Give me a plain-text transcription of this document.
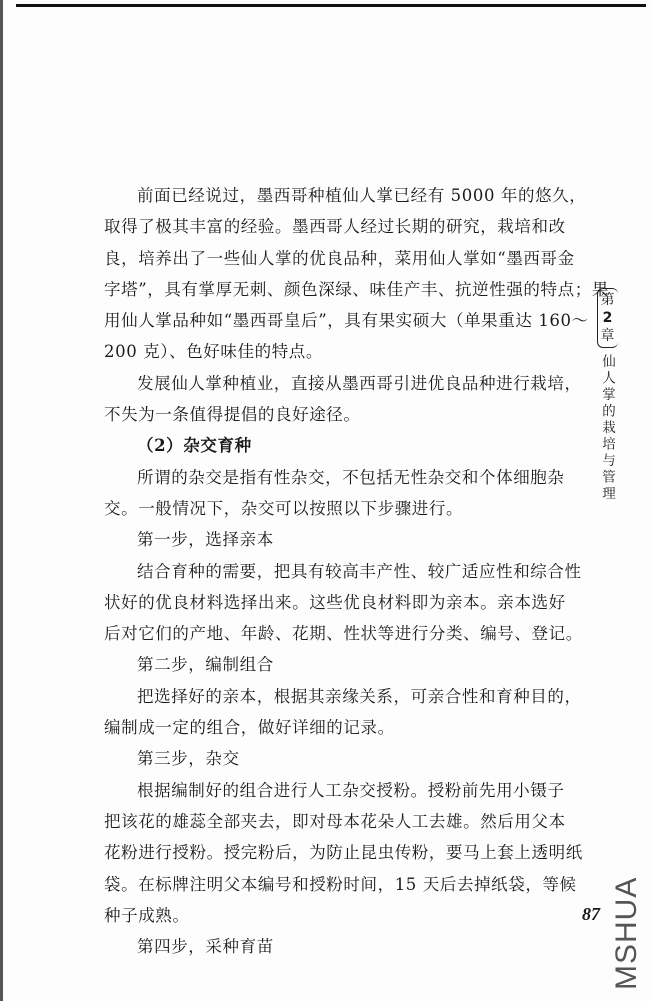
前面已经说过，墨西哥种植仙人掌已经有 5000 年的悠久，
取得了极其丰富的经验。墨西哥人经过长期的研究，栽培和改
良，培养出了一些仙人掌的优良品种，菜用仙人掌如“墨西哥金
字塔”，具有掌厚无刺、颜色深绿、味佳产丰、抗逆性强的特点；果
用仙人掌品种如“墨西哥皇后”，具有果实硕大（单果重达 160～
200 克）、色好味佳的特点。
发展仙人掌种植业，直接从墨西哥引进优良品种进行栽培，
不失为一条值得提倡的良好途径。
（2）杂交育种
所谓的杂交是指有性杂交，不包括无性杂交和个体细胞杂
交。一般情况下，杂交可以按照以下步骤进行。
第一步，选择亲本
结合育种的需要，把具有较高丰产性、较广适应性和综合性
状好的优良材料选择出来。这些优良材料即为亲本。亲本选好
后对它们的产地、年龄、花期、性状等进行分类、编号、登记。
第二步，编制组合
把选择好的亲本，根据其亲缘关系，可亲合性和育种目的，
编制成一定的组合，做好详细的记录。
第三步，杂交
根据编制好的组合进行人工杂交授粉。授粉前先用小镊子
把该花的雄蕊全部夹去，即对母本花朵人工去雄。然后用父本
花粉进行授粉。授完粉后，为防止昆虫传粉，要马上套上透明纸
袋。在标牌注明父本编号和授粉时间，15 天后去掉纸袋，等候
种子成熟。
第四步，采种育苗
第
2
章
仙人掌的栽培与管理
87 MSHUA
